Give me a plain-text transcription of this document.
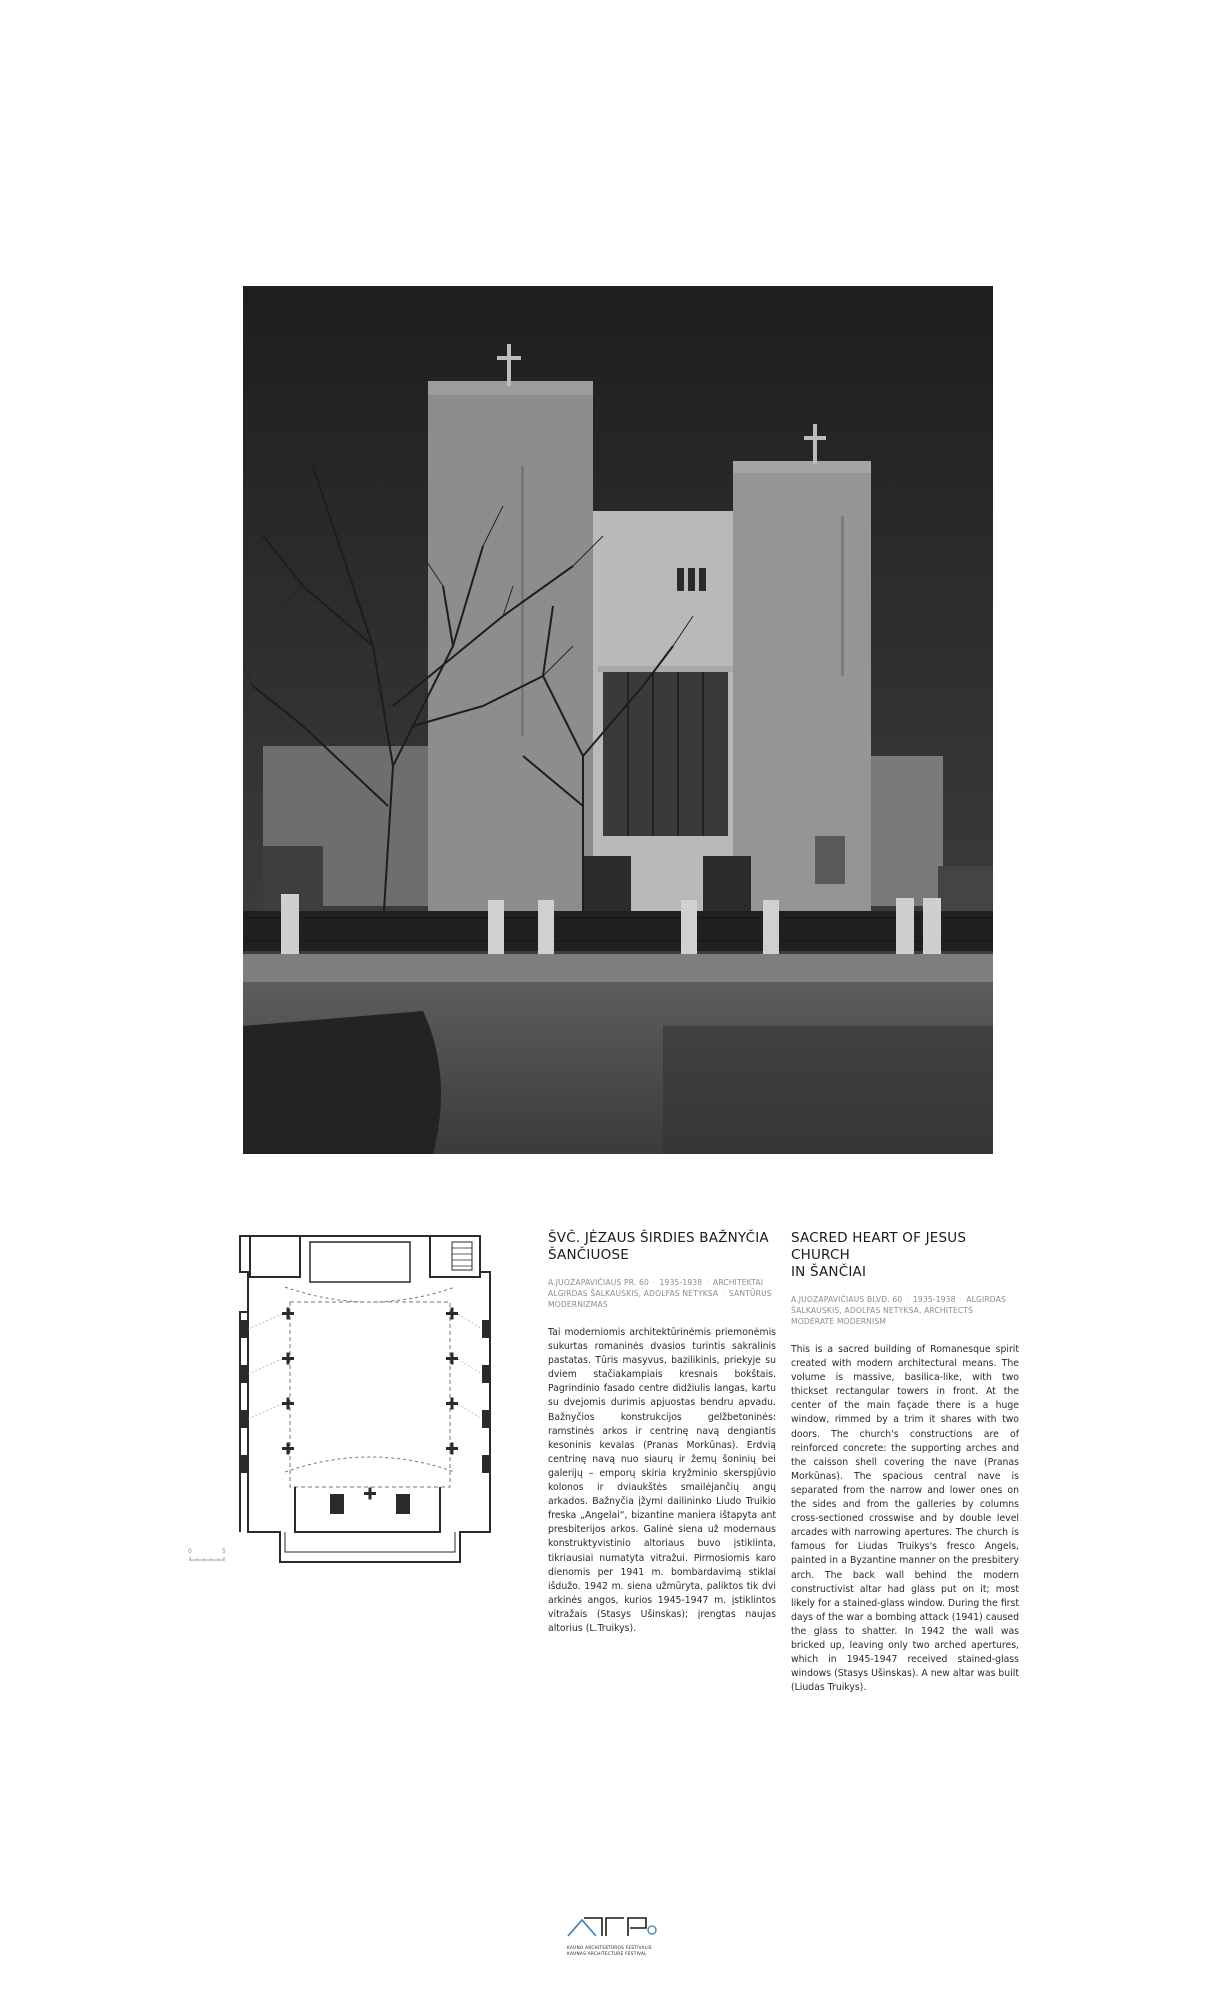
0	5
ŠVČ. JĖZAUS ŠIRDIES BAŽNYČIA
ŠANČIUOSE

A.JUOZAPAVIČIAUS PR. 60 · 1935-1938 · ARCHITEKTAI
ALGIRDAS ŠALKAUSKIS, ADOLFAS NETYKSA · SANTŪRUS MODERNIZMAS

Tai moderniomis architektūrinėmis priemonėmis sukurtas romaninės dvasios turintis sakralinis pastatas. Tūris masyvus, bazilikinis, priekyje su dviem stačiakampiais kresnais bokštais. Pagrindinio fasado centre didžiulis langas, kartu su dvejomis durimis apjuostas bendru apvadu. Bažnyčios konstrukcijos gelžbetoninės: ramstinės arkos ir centrinę navą dengiantis kesoninis kevalas (Pranas Morkūnas). Erdvią centrinę navą nuo siaurų ir žemų šoninių bei galerijų – emporų skiria kryžminio skerspjūvio kolonos ir dviaukštės smailėjančių angų arkados. Bažnyčia įžymi dailininko Liudo Truikio freska „Angelai“, bizantine maniera ištapyta ant presbiterijos arkos. Galinė siena už modernaus konstruktyvistinio altoriaus buvo įstiklinta, tikriausiai numatyta vitražui. Pirmosiomis karo dienomis per 1941 m. bombardavimą stiklai išdužo. 1942 m. siena užmūryta, paliktos tik dvi arkinės angos, kurios 1945-1947 m. įstiklintos vitražais (Stasys Ušinskas); įrengtas naujas altorius (L.Truikys).

SACRED HEART OF JESUS CHURCH
IN ŠANČIAI

A.JUOZAPAVIČIAUS BLVD. 60 · 1935-1938 · ALGIRDAS ŠALKAUSKIS, ADOLFAS NETYKSA, ARCHITECTS
MODERATE MODERNISM

This is a sacred building of Romanesque spirit created with modern architectural means. The volume is massive, basilica-like, with two thickset rectangular towers in front. At the center of the main façade there is a huge window, rimmed by a trim it shares with two doors. The church's constructions are of reinforced concrete: the supporting arches and the caisson shell covering the nave (Pranas Morkūnas). The spacious central nave is separated from the narrow and lower ones on the sides and from the galleries by columns cross-sectioned crosswise and by double level arcades with narrowing apertures. The church is famous for Liudas Truikys's fresco Angels, painted in a Byzantine manner on the presbitery arch. The back wall behind the modern constructivist altar had glass put on it; most likely for a stained-glass window. During the first days of the war a bombing attack (1941) caused the glass to shatter. In 1942 the wall was bricked up, leaving only two arched apertures, which in 1945-1947 received stained-glass windows (Stasys Ušinskas). A new altar was built (Liudas Truikys).

KAUNO ARCHITEKTŪROS FESTIVALIS
KAUNAS ARCHITECTURE FESTIVAL
